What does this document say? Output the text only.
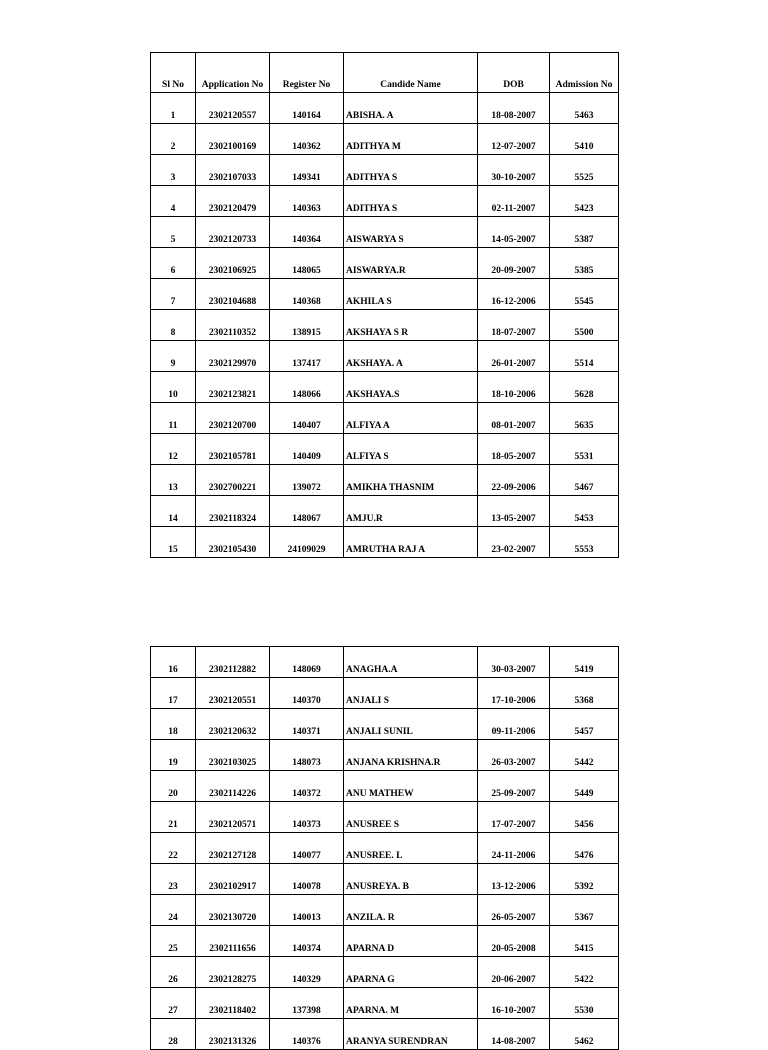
Sl No	Application No	Register No	Candide Name	DOB	Admission No
1	2302120557	140164	ABISHA. A	18-08-2007	5463
2	2302100169	140362	ADITHYA M	12-07-2007	5410
3	2302107033	149341	ADITHYA S	30-10-2007	5525
4	2302120479	140363	ADITHYA S	02-11-2007	5423
5	2302120733	140364	AISWARYA S	14-05-2007	5387
6	2302106925	148065	AISWARYA.R	20-09-2007	5385
7	2302104688	140368	AKHILA S	16-12-2006	5545
8	2302110352	138915	AKSHAYA S R	18-07-2007	5500
9	2302129970	137417	AKSHAYA. A	26-01-2007	5514
10	2302123821	148066	AKSHAYA.S	18-10-2006	5628
11	2302120700	140407	ALFIYA A	08-01-2007	5635
12	2302105781	140409	ALFIYA S	18-05-2007	5531
13	2302700221	139072	AMIKHA THASNIM	22-09-2006	5467
14	2302118324	148067	AMJU.R	13-05-2007	5453
15	2302105430	24109029	AMRUTHA RAJ A	23-02-2007	5553
16	2302112882	148069	ANAGHA.A	30-03-2007	5419
17	2302120551	140370	ANJALI S	17-10-2006	5368
18	2302120632	140371	ANJALI SUNIL	09-11-2006	5457
19	2302103025	148073	ANJANA KRISHNA.R	26-03-2007	5442
20	2302114226	140372	ANU MATHEW	25-09-2007	5449
21	2302120571	140373	ANUSREE S	17-07-2007	5456
22	2302127128	140077	ANUSREE. L	24-11-2006	5476
23	2302102917	140078	ANUSREYA. B	13-12-2006	5392
24	2302130720	140013	ANZILA. R	26-05-2007	5367
25	2302111656	140374	APARNA D	20-05-2008	5415
26	2302128275	140329	APARNA G	20-06-2007	5422
27	2302118402	137398	APARNA. M	16-10-2007	5530
28	2302131326	140376	ARANYA SURENDRAN	14-08-2007	5462
